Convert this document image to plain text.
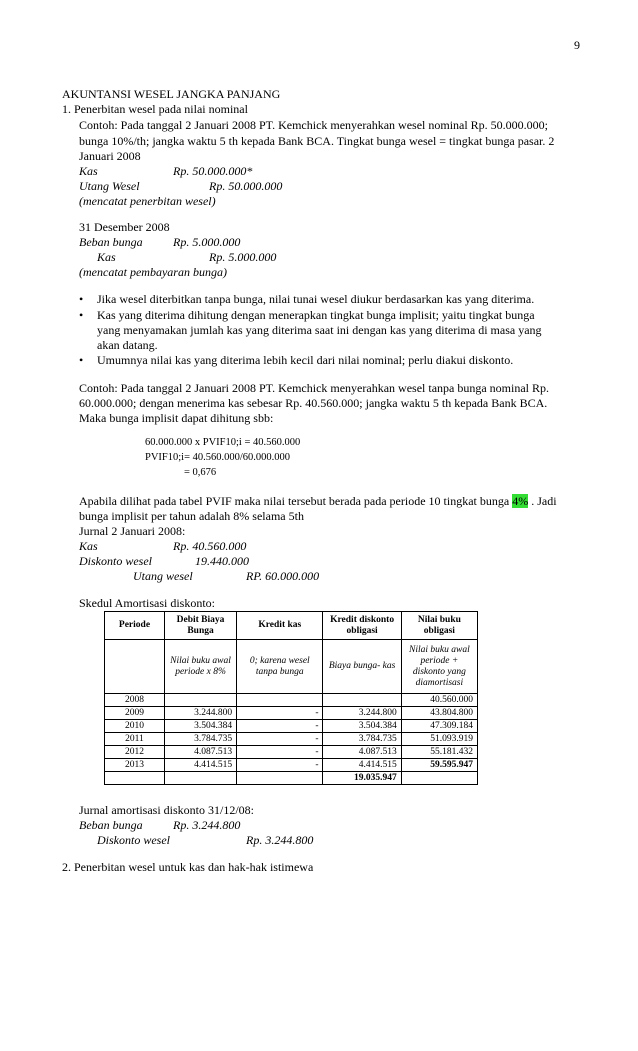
9
AKUNTANSI WESEL JANGKA PANJANG
1. Penerbitan wesel pada nilai nominal
Contoh: Pada tanggal 2 Januari 2008 PT. Kemchick menyerahkan wesel nominal Rp. 50.000.000;
bunga 10%/th; jangka waktu 5 th kepada Bank BCA. Tingkat bunga wesel = tingkat bunga pasar. 2
Januari 2008
Kas	Rp. 50.000.000*
Utang Wesel	Rp. 50.000.000
(mencatat penerbitan wesel)
31 Desember 2008
Beban bunga	Rp. 5.000.000
Kas	Rp. 5.000.000
(mencatat pembayaran bunga)
• Jika wesel diterbitkan tanpa bunga, nilai tunai wesel diukur berdasarkan kas yang diterima.
• Kas yang diterima dihitung dengan menerapkan tingkat bunga implisit; yaitu tingkat bunga
yang menyamakan jumlah kas yang diterima saat ini dengan kas yang diterima di masa yang
akan datang.
• Umumnya nilai kas yang diterima lebih kecil dari nilai nominal; perlu diakui diskonto.
Contoh: Pada tanggal 2 Januari 2008 PT. Kemchick menyerahkan wesel tanpa bunga nominal Rp.
60.000.000; dengan menerima kas sebesar Rp. 40.560.000; jangka waktu 5 th kepada Bank BCA.
Maka bunga implisit dapat dihitung sbb:
60.000.000 x PVIF10;i = 40.560.000
PVIF10;i= 40.560.000/60.000.000
= 0,676
Apabila dilihat pada tabel PVIF maka nilai tersebut berada pada periode 10 tingkat bunga 4% . Jadi
bunga implisit per tahun adalah 8% selama 5th
Jurnal 2 Januari 2008:
Kas	Rp. 40.560.000
Diskonto wesel	19.440.000
Utang wesel	RP. 60.000.000
Skedul Amortisasi diskonto:
Periode	Debit Biaya Bunga	Kredit kas	Kredit diskonto obligasi	Nilai buku obligasi
	Nilai buku awal periode x 8%	0; karena wesel tanpa bunga	Biaya bunga- kas	Nilai buku awal periode + diskonto yang diamortisasi
2008				40.560.000
2009	3.244.800	-	3.244.800	43.804.800
2010	3.504.384	-	3.504.384	47.309.184
2011	3.784.735	-	3.784.735	51.093.919
2012	4.087.513	-	4.087.513	55.181.432
2013	4.414.515	-	4.414.515	59.595.947
			19.035.947	
Jurnal amortisasi diskonto 31/12/08:
Beban bunga	Rp. 3.244.800
Diskonto wesel	Rp. 3.244.800
2. Penerbitan wesel untuk kas dan hak-hak istimewa
